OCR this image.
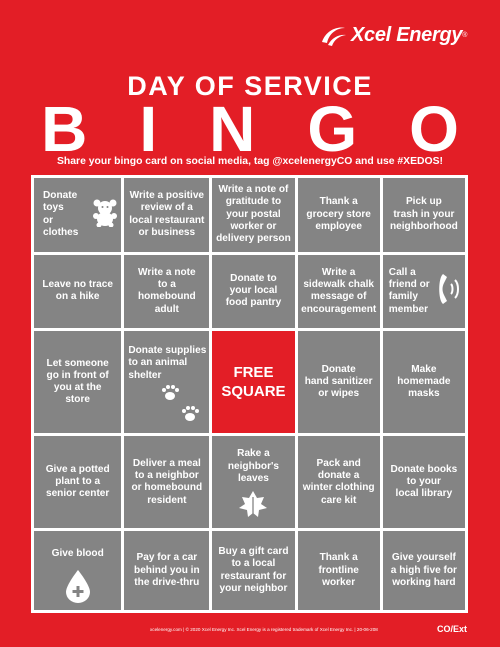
Xcel Energy ®
DAY OF SERVICE
B I N G O
Share your bingo card on social media, tag @xcelenergyCO and use #XEDOS!
Donate
toys
or clothes
Write a positive
review of a
local restaurant
or business
Write a note of
gratitude to
your postal
worker or
delivery person
Thank a
grocery store
employee
Pick up
trash in your
neighborhood
Leave no trace
on a hike
Write a note
to a
homebound
adult
Donate to
your local
food pantry
Write a
sidewalk chalk
message of
encouragement
Call a
friend or
family
member
Let someone
go in front of
you at the
store
Donate supplies
to an animal
shelter	FREE
SQUARE
Donate
hand sanitizer
or wipes
Make
homemade
masks
Give a potted
plant to a
senior center
Deliver a meal
to a neighbor
or homebound
resident
Rake a
neighbor's
leaves
Pack and
donate a
winter clothing
care kit
Donate books
to your
local library
Give blood	Pay for a car
behind you in
the drive-thru
Buy a gift card
to a local
restaurant for
your neighbor
Thank a
frontline
worker
Give yourself
a high five for
working hard
xcelenergy.com | © 2020 Xcel Energy Inc. Xcel Energy is a registered trademark of Xcel Energy Inc. | 20-06-208	CO/Ext
